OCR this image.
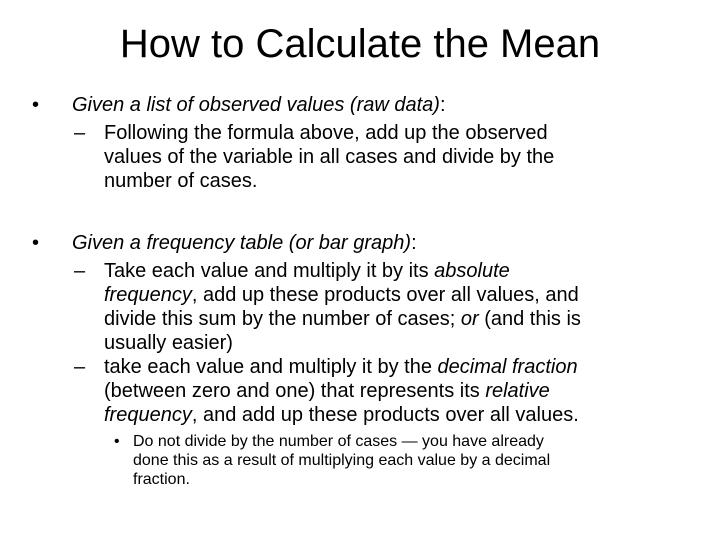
How to Calculate the Mean
• Given a list of observed values (raw data):
– Following the formula above, add up the observed
values of the variable in all cases and divide by the
number of cases.
• Given a frequency table (or bar graph):
– Take each value and multiply it by its absolute
frequency, add up these products over all values, and
divide this sum by the number of cases; or (and this is
usually easier)
– take each value and multiply it by the decimal fraction
(between zero and one) that represents its relative
frequency, and add up these products over all values.
• Do not divide by the number of cases — you have already
done this as a result of multiplying each value by a decimal
fraction.
